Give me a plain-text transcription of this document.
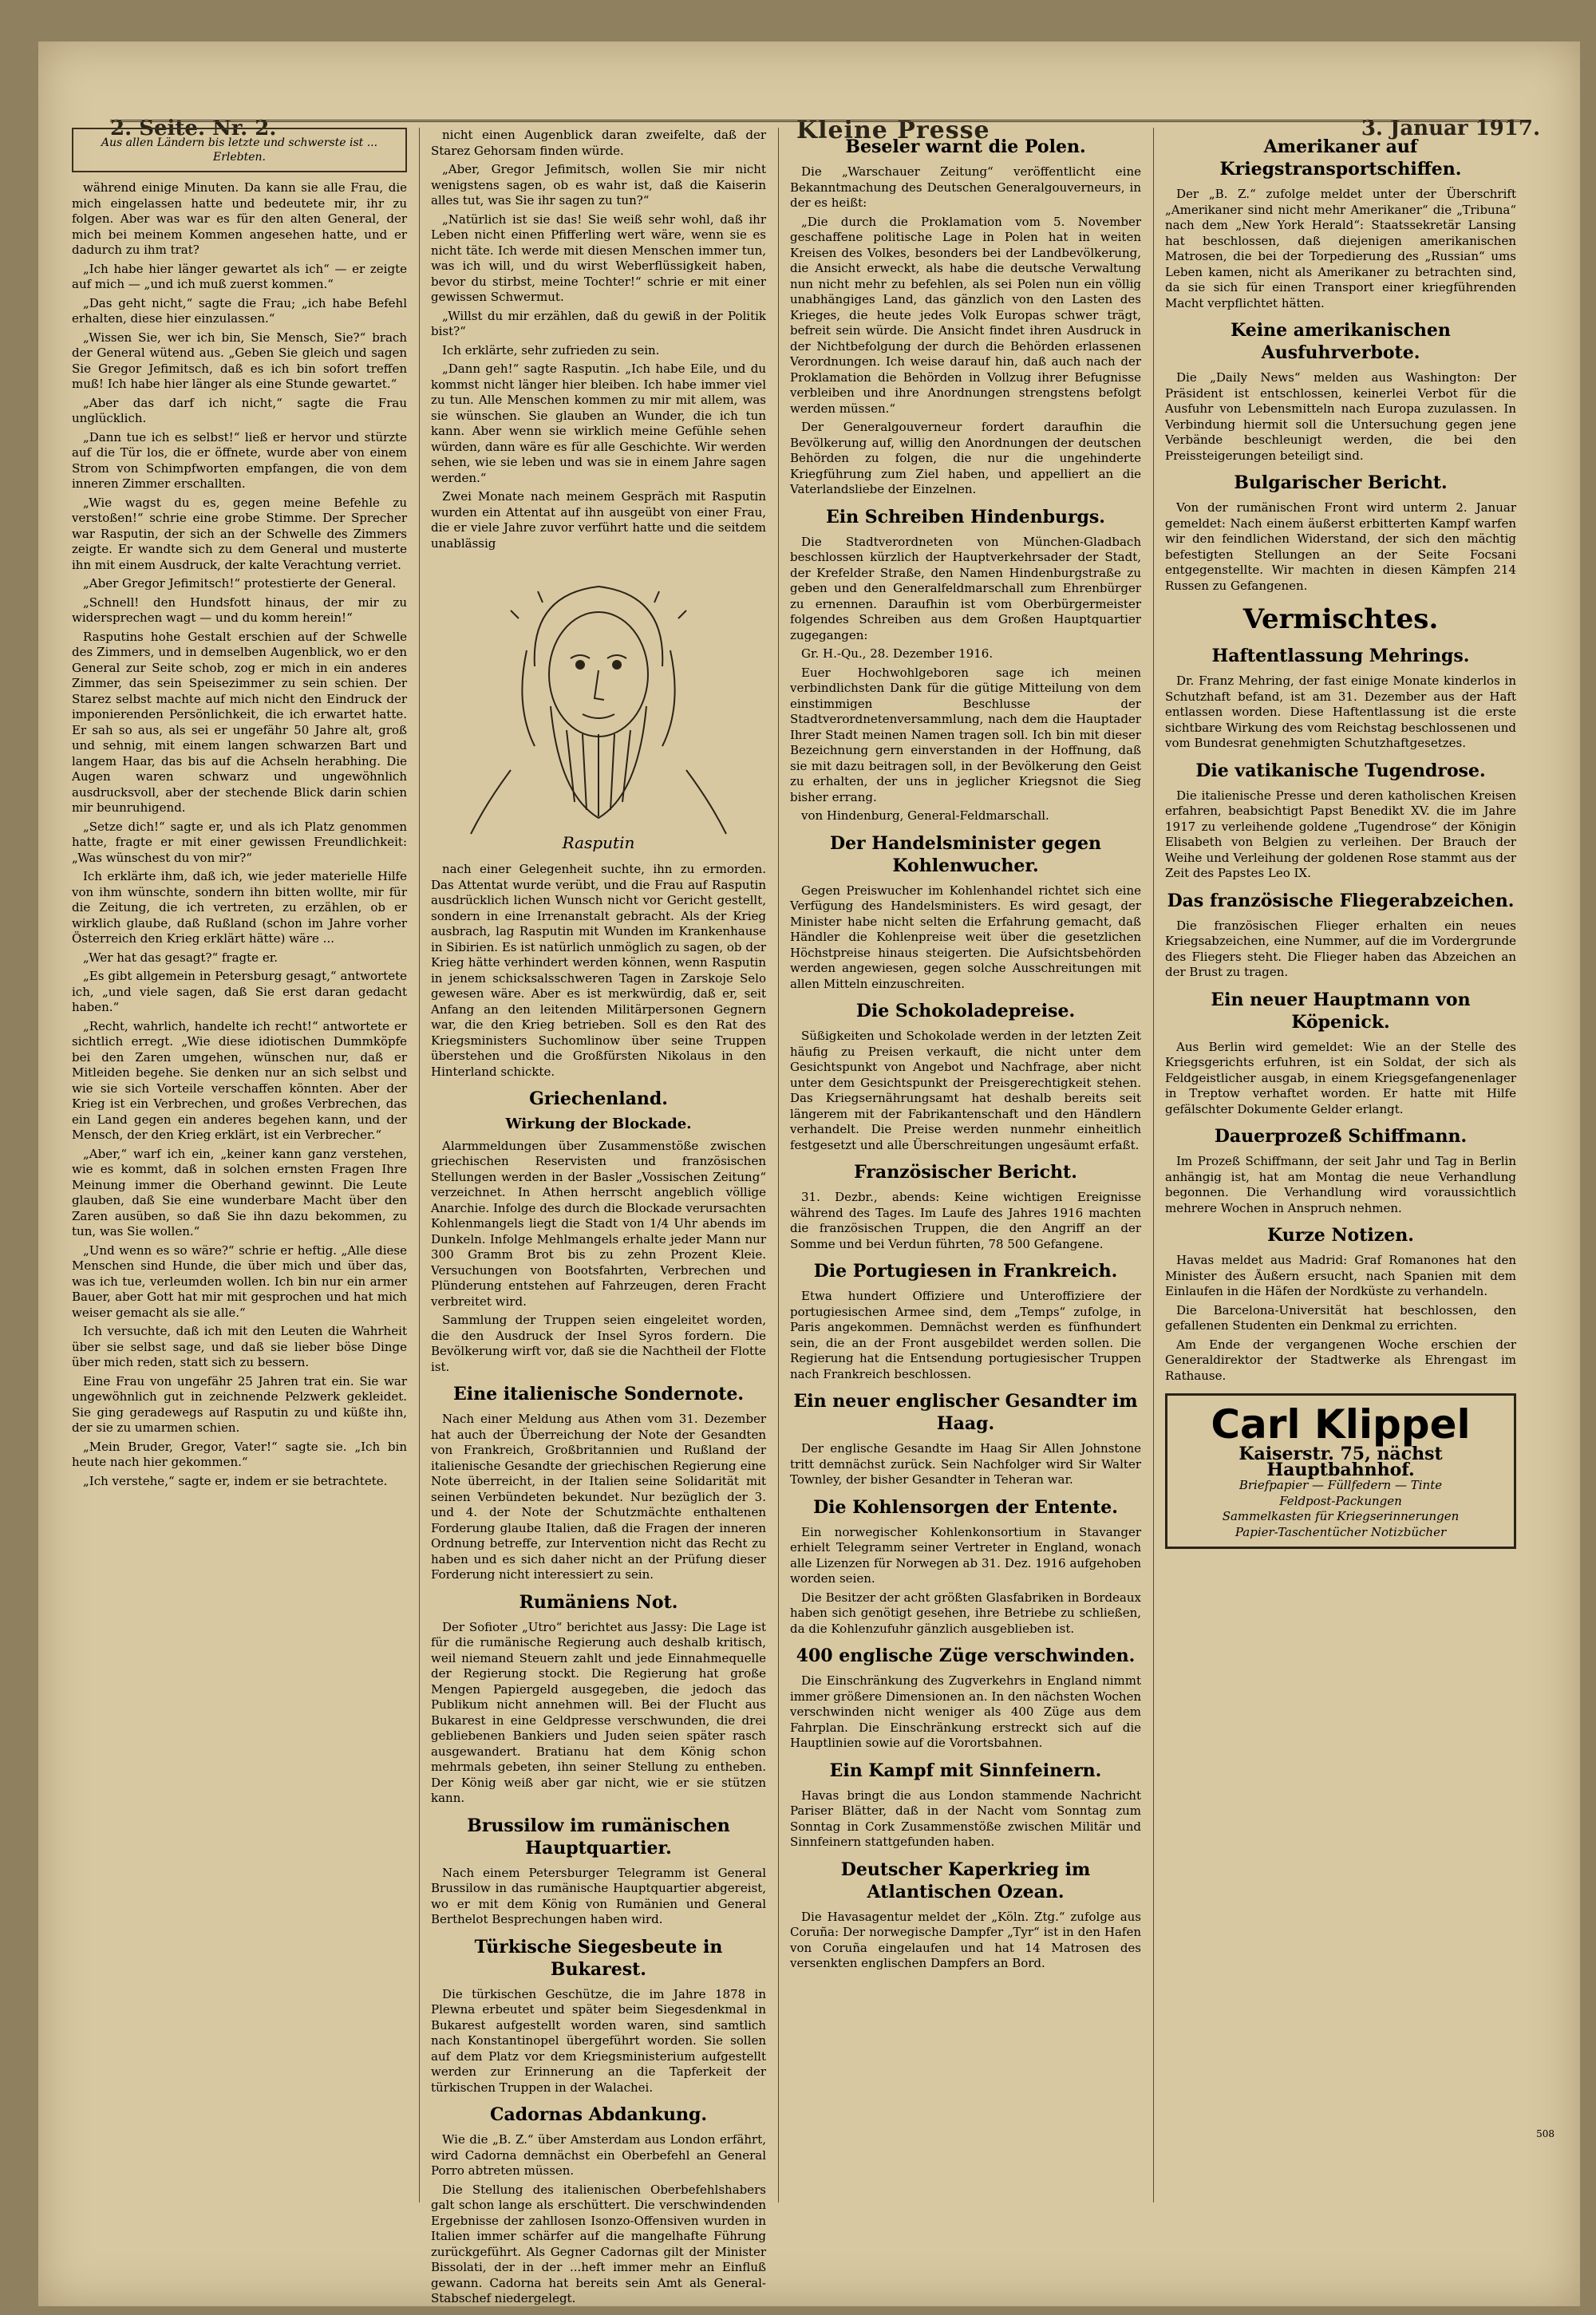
2. Seite. Nr. 2.	Kleine Presse	3. Januar 1917.
Aus allen Ländern bis letzte und schwerste ist ... Erlebten.

während einige Minuten. Da kann sie alle Frau, die mich eingelassen hatte und bedeutete mir, ihr zu folgen. Aber was war es für den alten General, der mich bei meinem Kommen angesehen hatte, und er dadurch zu ihm trat?

„Ich habe hier länger gewartet als ich“ — er zeigte auf mich — „und ich muß zuerst kommen.“

„Das geht nicht,“ sagte die Frau; „ich habe Befehl erhalten, diese hier einzulassen.“

„Wissen Sie, wer ich bin, Sie Mensch, Sie?“ brach der General wütend aus. „Geben Sie gleich und sagen Sie Gregor Jefimitsch, daß es ich bin sofort treffen muß! Ich habe hier länger als eine Stunde gewartet.“

„Aber das darf ich nicht,“ sagte die Frau unglücklich.

„Dann tue ich es selbst!“ ließ er hervor und stürzte auf die Tür los, die er öffnete, wurde aber von einem Strom von Schimpfworten empfangen, die von dem inneren Zimmer erschallten.

„Wie wagst du es, gegen meine Befehle zu verstoßen!“ schrie eine grobe Stimme. Der Sprecher war Rasputin, der sich an der Schwelle des Zimmers zeigte. Er wandte sich zu dem General und musterte ihn mit einem Ausdruck, der kalte Verachtung verriet.

„Aber Gregor Jefimitsch!“ protestierte der General.

„Schnell! den Hundsfott hinaus, der mir zu widersprechen wagt — und du komm herein!“

Rasputins hohe Gestalt erschien auf der Schwelle des Zimmers, und in demselben Augenblick, wo er den General zur Seite schob, zog er mich in ein anderes Zimmer, das sein Speisezimmer zu sein schien. Der Starez selbst machte auf mich nicht den Eindruck der imponierenden Persönlichkeit, die ich erwartet hatte. Er sah so aus, als sei er ungefähr 50 Jahre alt, groß und sehnig, mit einem langen schwarzen Bart und langem Haar, das bis auf die Achseln herabhing. Die Augen waren schwarz und ungewöhnlich ausdrucksvoll, aber der stechende Blick darin schien mir beunruhigend.

„Setze dich!“ sagte er, und als ich Platz genommen hatte, fragte er mit einer gewissen Freundlichkeit: „Was wünschest du von mir?“

Ich erklärte ihm, daß ich, wie jeder materielle Hilfe von ihm wünschte, sondern ihn bitten wollte, mir für die Zeitung, die ich vertreten, zu erzählen, ob er wirklich glaube, daß Rußland (schon im Jahre vorher Österreich den Krieg erklärt hätte) wäre ...

„Wer hat das gesagt?“ fragte er.

„Es gibt allgemein in Petersburg gesagt,“ antwortete ich, „und viele sagen, daß Sie erst daran gedacht haben.“

„Recht, wahrlich, handelte ich recht!“ antwortete er sichtlich erregt. „Wie diese idiotischen Dummköpfe bei den Zaren umgehen, wünschen nur, daß er Mitleiden begehe. Sie denken nur an sich selbst und wie sie sich Vorteile verschaffen könnten. Aber der Krieg ist ein Verbrechen, und großes Verbrechen, das ein Land gegen ein anderes begehen kann, und der Mensch, der den Krieg erklärt, ist ein Verbrecher.“

„Aber,“ warf ich ein, „keiner kann ganz verstehen, wie es kommt, daß in solchen ernsten Fragen Ihre Meinung immer die Oberhand gewinnt. Die Leute glauben, daß Sie eine wunderbare Macht über den Zaren ausüben, so daß Sie ihn dazu bekommen, zu tun, was Sie wollen.“

„Und wenn es so wäre?“ schrie er heftig. „Alle diese Menschen sind Hunde, die über mich und über das, was ich tue, verleumden wollen. Ich bin nur ein armer Bauer, aber Gott hat mir mit gesprochen und hat mich weiser gemacht als sie alle.“

Ich versuchte, daß ich mit den Leuten die Wahrheit über sie selbst sage, und daß sie lieber böse Dinge über mich reden, statt sich zu bessern.

Eine Frau von ungefähr 25 Jahren trat ein. Sie war ungewöhnlich gut in zeichnende Pelzwerk gekleidet. Sie ging geradewegs auf Rasputin zu und küßte ihn, der sie zu umarmen schien.

„Mein Bruder, Gregor, Vater!“ sagte sie. „Ich bin heute nach hier gekommen.“

„Ich verstehe,“ sagte er, indem er sie betrachtete.

nicht einen Augenblick daran zweifelte, daß der Starez Gehorsam finden würde.

„Aber, Gregor Jefimitsch, wollen Sie mir nicht wenigstens sagen, ob es wahr ist, daß die Kaiserin alles tut, was Sie ihr sagen zu tun?“

„Natürlich ist sie das! Sie weiß sehr wohl, daß ihr Leben nicht einen Pfifferling wert wäre, wenn sie es nicht täte. Ich werde mit diesen Menschen immer tun, was ich will, und du wirst Weberflüssigkeit haben, bevor du stirbst, meine Tochter!“ schrie er mit einer gewissen Schwermut.

„Willst du mir erzählen, daß du gewiß in der Politik bist?“

Ich erklärte, sehr zufrieden zu sein.

„Dann geh!“ sagte Rasputin. „Ich habe Eile, und du kommst nicht länger hier bleiben. Ich habe immer viel zu tun. Alle Menschen kommen zu mir mit allem, was sie wünschen. Sie glauben an Wunder, die ich tun kann. Aber wenn sie wirklich meine Gefühle sehen würden, dann wäre es für alle Geschichte. Wir werden sehen, wie sie leben und was sie in einem Jahre sagen werden.“

Zwei Monate nach meinem Gespräch mit Rasputin wurden ein Attentat auf ihn ausgeübt von einer Frau, die er viele Jahre zuvor verführt hatte und die seitdem unablässig

Rasputin

nach einer Gelegenheit suchte, ihn zu ermorden. Das Attentat wurde verübt, und die Frau auf Rasputin ausdrücklich lichen Wunsch nicht vor Gericht gestellt, sondern in eine Irrenanstalt gebracht. Als der Krieg ausbrach, lag Rasputin mit Wunden im Krankenhause in Sibirien. Es ist natürlich unmöglich zu sagen, ob der Krieg hätte verhindert werden können, wenn Rasputin in jenem schicksalsschweren Tagen in Zarskoje Selo gewesen wäre. Aber es ist merkwürdig, daß er, seit Anfang an den leitenden Militärpersonen Gegnern war, die den Krieg betrieben. Soll es den Rat des Kriegsministers Suchomlinow über seine Truppen überstehen und die Großfürsten Nikolaus in den Hinterland schickte.

Griechenland.
Wirkung der Blockade.

Alarmmeldungen über Zusammenstöße zwischen griechischen Reservisten und französischen Stellungen werden in der Basler „Vossischen Zeitung“ verzeichnet. In Athen herrscht angeblich völlige Anarchie. Infolge des durch die Blockade verursachten Kohlenmangels liegt die Stadt von 1/4 Uhr abends im Dunkeln. Infolge Mehlmangels erhalte jeder Mann nur 300 Gramm Brot bis zu zehn Prozent Kleie. Versuchungen von Bootsfahrten, Verbrechen und Plünderung entstehen auf Fahrzeugen, deren Fracht verbreitet wird.

Sammlung der Truppen seien eingeleitet worden, die den Ausdruck der Insel Syros fordern. Die Bevölkerung wirft vor, daß sie die Nachtheil der Flotte ist.

Eine italienische Sondernote.

Nach einer Meldung aus Athen vom 31. Dezember hat auch der Überreichung der Note der Gesandten von Frankreich, Großbritannien und Rußland der italienische Gesandte der griechischen Regierung eine Note überreicht, in der Italien seine Solidarität mit seinen Verbündeten bekundet. Nur bezüglich der 3. und 4. der Note der Schutzmächte enthaltenen Forderung glaube Italien, daß die Fragen der inneren Ordnung betreffe, zur Intervention nicht das Recht zu haben und es sich daher nicht an der Prüfung dieser Forderung nicht interessiert zu sein.

Rumäniens Not.

Der Sofioter „Utro“ berichtet aus Jassy: Die Lage ist für die rumänische Regierung auch deshalb kritisch, weil niemand Steuern zahlt und jede Einnahmequelle der Regierung stockt. Die Regierung hat große Mengen Papiergeld ausgegeben, die jedoch das Publikum nicht annehmen will. Bei der Flucht aus Bukarest in eine Geldpresse verschwunden, die drei gebliebenen Bankiers und Juden seien später rasch ausgewandert. Bratianu hat dem König schon mehrmals gebeten, ihn seiner Stellung zu entheben. Der König weiß aber gar nicht, wie er sie stützen kann.

Brussilow im rumänischen Hauptquartier.

Nach einem Petersburger Telegramm ist General Brussilow in das rumänische Hauptquartier abgereist, wo er mit dem König von Rumänien und General Berthelot Besprechungen haben wird.

Türkische Siegesbeute in Bukarest.

Die türkischen Geschütze, die im Jahre 1878 in Plewna erbeutet und später beim Siegesdenkmal in Bukarest aufgestellt worden waren, sind samtlich nach Konstantinopel übergeführt worden. Sie sollen auf dem Platz vor dem Kriegsministerium aufgestellt werden zur Erinnerung an die Tapferkeit der türkischen Truppen in der Walachei.

Cadornas Abdankung.

Wie die „B. Z.“ über Amsterdam aus London erfährt, wird Cadorna demnächst ein Oberbefehl an General Porro abtreten müssen.

Die Stellung des italienischen Oberbefehlshabers galt schon lange als erschüttert. Die verschwindenden Ergebnisse der zahllosen Isonzo-Offensiven wurden in Italien immer schärfer auf die mangelhafte Führung zurückgeführt. Als Gegner Cadornas gilt der Minister Bissolati, der in der ...heft immer mehr an Einfluß gewann. Cadorna hat bereits sein Amt als General-Stabschef niedergelegt.

Beseler warnt die Polen.

Die „Warschauer Zeitung“ veröffentlicht eine Bekanntmachung des Deutschen Generalgouverneurs, in der es heißt:

„Die durch die Proklamation vom 5. November geschaffene politische Lage in Polen hat in weiten Kreisen des Volkes, besonders bei der Landbevölkerung, die Ansicht erweckt, als habe die deutsche Verwaltung nun nicht mehr zu befehlen, als sei Polen nun ein völlig unabhängiges Land, das gänzlich von den Lasten des Krieges, die heute jedes Volk Europas schwer trägt, befreit sein würde. Die Ansicht findet ihren Ausdruck in der Nichtbefolgung der durch die Behörden erlassenen Verordnungen. Ich weise darauf hin, daß auch nach der Proklamation die Behörden in Vollzug ihrer Befugnisse verbleiben und ihre Anordnungen strengstens befolgt werden müssen.“

Der Generalgouverneur fordert daraufhin die Bevölkerung auf, willig den Anordnungen der deutschen Behörden zu folgen, die nur die ungehinderte Kriegführung zum Ziel haben, und appelliert an die Vaterlandsliebe der Einzelnen.

Ein Schreiben Hindenburgs.

Die Stadtverordneten von München-Gladbach beschlossen kürzlich der Hauptverkehrsader der Stadt, der Krefelder Straße, den Namen Hindenburgstraße zu geben und den Generalfeldmarschall zum Ehrenbürger zu ernennen. Daraufhin ist vom Oberbürgermeister folgendes Schreiben aus dem Großen Hauptquartier zugegangen:

Gr. H.-Qu., 28. Dezember 1916.

Euer Hochwohlgeboren sage ich meinen verbindlichsten Dank für die gütige Mitteilung von dem einstimmigen Beschlusse der Stadtverordnetenversammlung, nach dem die Hauptader Ihrer Stadt meinen Namen tragen soll. Ich bin mit dieser Bezeichnung gern einverstanden in der Hoffnung, daß sie mit dazu beitragen soll, in der Bevölkerung den Geist zu erhalten, der uns in jeglicher Kriegsnot die Sieg bisher errang.

von Hindenburg, General-Feldmarschall.

Der Handelsminister gegen Kohlenwucher.

Gegen Preiswucher im Kohlenhandel richtet sich eine Verfügung des Handelsministers. Es wird gesagt, der Minister habe nicht selten die Erfahrung gemacht, daß Händler die Kohlenpreise weit über die gesetzlichen Höchstpreise hinaus steigerten. Die Aufsichtsbehörden werden angewiesen, gegen solche Ausschreitungen mit allen Mitteln einzuschreiten.

Die Schokoladepreise.

Süßigkeiten und Schokolade werden in der letzten Zeit häufig zu Preisen verkauft, die nicht unter dem Gesichtspunkt von Angebot und Nachfrage, aber nicht unter dem Gesichtspunkt der Preisgerechtigkeit stehen. Das Kriegsernährungsamt hat deshalb bereits seit längerem mit der Fabrikantenschaft und den Händlern verhandelt. Die Preise werden nunmehr einheitlich festgesetzt und alle Überschreitungen ungesäumt erfaßt.

Französischer Bericht.

31. Dezbr., abends: Keine wichtigen Ereignisse während des Tages. Im Laufe des Jahres 1916 machten die französischen Truppen, die den Angriff an der Somme und bei Verdun führten, 78 500 Gefangene.

Die Portugiesen in Frankreich.

Etwa hundert Offiziere und Unteroffiziere der portugiesischen Armee sind, dem „Temps“ zufolge, in Paris angekommen. Demnächst werden es fünfhundert sein, die an der Front ausgebildet werden sollen. Die Regierung hat die Entsendung portugiesischer Truppen nach Frankreich beschlossen.

Ein neuer englischer Gesandter im Haag.

Der englische Gesandte im Haag Sir Allen Johnstone tritt demnächst zurück. Sein Nachfolger wird Sir Walter Townley, der bisher Gesandter in Teheran war.

Die Kohlensorgen der Entente.

Ein norwegischer Kohlenkonsortium in Stavanger erhielt Telegramm seiner Vertreter in England, wonach alle Lizenzen für Norwegen ab 31. Dez. 1916 aufgehoben worden seien.

Die Besitzer der acht größten Glasfabriken in Bordeaux haben sich genötigt gesehen, ihre Betriebe zu schließen, da die Kohlenzufuhr gänzlich ausgeblieben ist.

400 englische Züge verschwinden.

Die Einschränkung des Zugverkehrs in England nimmt immer größere Dimensionen an. In den nächsten Wochen verschwinden nicht weniger als 400 Züge aus dem Fahrplan. Die Einschränkung erstreckt sich auf die Hauptlinien sowie auf die Vorortsbahnen.

Ein Kampf mit Sinnfeinern.

Havas bringt die aus London stammende Nachricht Pariser Blätter, daß in der Nacht vom Sonntag zum Sonntag in Cork Zusammenstöße zwischen Militär und Sinnfeinern stattgefunden haben.

Deutscher Kaperkrieg im Atlantischen Ozean.

Die Havasagentur meldet der „Köln. Ztg.“ zufolge aus Coruña: Der norwegische Dampfer „Tyr“ ist in den Hafen von Coruña eingelaufen und hat 14 Matrosen des versenkten englischen Dampfers an Bord.

Amerikaner auf Kriegstransportschiffen.

Der „B. Z.“ zufolge meldet unter der Überschrift „Amerikaner sind nicht mehr Amerikaner“ die „Tribuna“ nach dem „New York Herald“: Staatssekretär Lansing hat beschlossen, daß diejenigen amerikanischen Matrosen, die bei der Torpedierung des „Russian“ ums Leben kamen, nicht als Amerikaner zu betrachten sind, da sie sich für einen Transport einer kriegführenden Macht verpflichtet hätten.

Keine amerikanischen Ausfuhrverbote.

Die „Daily News“ melden aus Washington: Der Präsident ist entschlossen, keinerlei Verbot für die Ausfuhr von Lebensmitteln nach Europa zuzulassen. In Verbindung hiermit soll die Untersuchung gegen jene Verbände beschleunigt werden, die bei den Preissteigerungen beteiligt sind.

Bulgarischer Bericht.

Von der rumänischen Front wird unterm 2. Januar gemeldet: Nach einem äußerst erbitterten Kampf warfen wir den feindlichen Widerstand, der sich den mächtig befestigten Stellungen an der Seite Focsani entgegenstellte. Wir machten in diesen Kämpfen 214 Russen zu Gefangenen.

Vermischtes.
Haftentlassung Mehrings.

Dr. Franz Mehring, der fast einige Monate kinderlos in Schutzhaft befand, ist am 31. Dezember aus der Haft entlassen worden. Diese Haftentlassung ist die erste sichtbare Wirkung des vom Reichstag beschlossenen und vom Bundesrat genehmigten Schutzhaftgesetzes.

Die vatikanische Tugendrose.

Die italienische Presse und deren katholischen Kreisen erfahren, beabsichtigt Papst Benedikt XV. die im Jahre 1917 zu verleihende goldene „Tugendrose“ der Königin Elisabeth von Belgien zu verleihen. Der Brauch der Weihe und Verleihung der goldenen Rose stammt aus der Zeit des Papstes Leo IX.

Das französische Fliegerabzeichen.

Die französischen Flieger erhalten ein neues Kriegsabzeichen, eine Nummer, auf die im Vordergrunde des Fliegers steht. Die Flieger haben das Abzeichen an der Brust zu tragen.

Ein neuer Hauptmann von Köpenick.

Aus Berlin wird gemeldet: Wie an der Stelle des Kriegsgerichts erfuhren, ist ein Soldat, der sich als Feldgeistlicher ausgab, in einem Kriegsgefangenenlager in Treptow verhaftet worden. Er hatte mit Hilfe gefälschter Dokumente Gelder erlangt.

Dauerprozeß Schiffmann.

Im Prozeß Schiffmann, der seit Jahr und Tag in Berlin anhängig ist, hat am Montag die neue Verhandlung begonnen. Die Verhandlung wird voraussichtlich mehrere Wochen in Anspruch nehmen.

Kurze Notizen.

Havas meldet aus Madrid: Graf Romanones hat den Minister des Äußern ersucht, nach Spanien mit dem Einlaufen in die Häfen der Nordküste zu verhandeln.

Die Barcelona-Universität hat beschlossen, den gefallenen Studenten ein Denkmal zu errichten.

Am Ende der vergangenen Woche erschien der Generaldirektor der Stadtwerke als Ehrengast im Rathause.

Carl Klippel
Kaiserstr. 75, nächst Hauptbahnhof.
Briefpapier — Füllfedern — Tinte
Feldpost-Packungen
Sammelkasten für Kriegserinnerungen
Papier-Taschentücher Notizbücher
508
